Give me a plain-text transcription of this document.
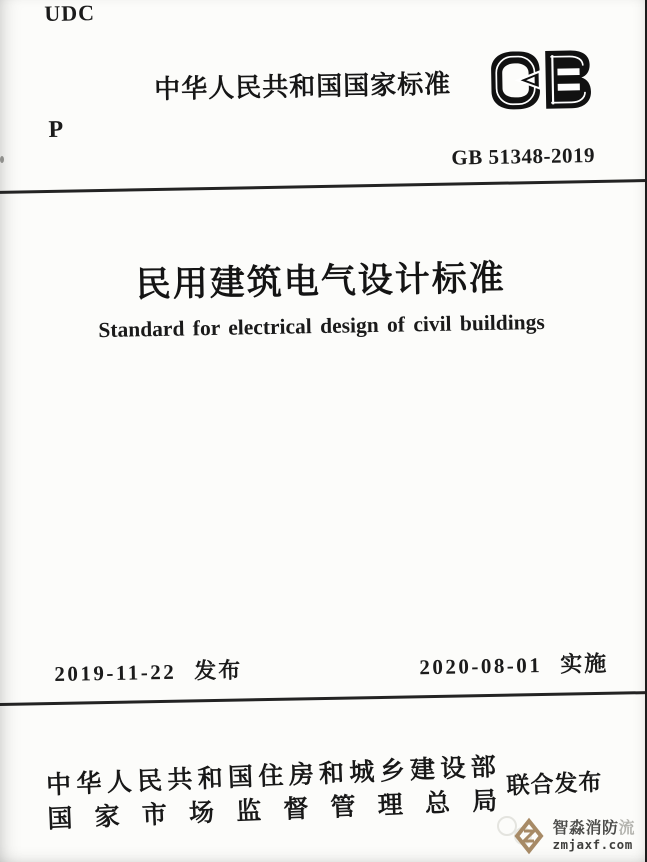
UDC
中华人民共和国国家标准
P
GB 51348-2019
民用建筑电气设计标准
Standard for electrical design of civil buildings
2019-11-22 发布	2020-08-01 实施
中华人民共和国住房和城乡建设部
国家市场监督管理总局
联合发布
智淼消防流
zmjaxf.com
